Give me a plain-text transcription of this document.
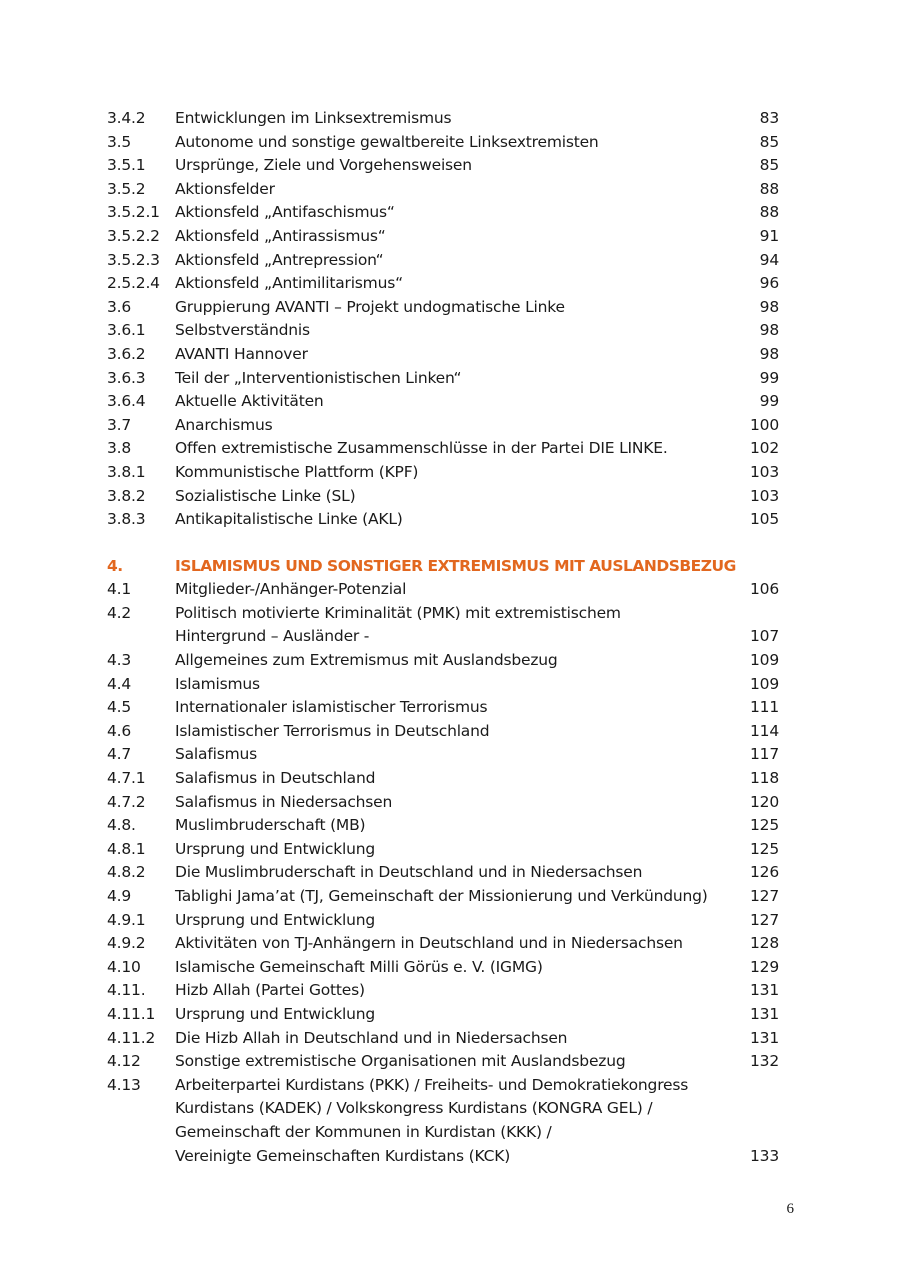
3.4.2	Entwicklungen im Linksextremismus	83
3.5	Autonome und sonstige gewaltbereite Linksextremisten	85
3.5.1	Ursprünge, Ziele und Vorgehensweisen	85
3.5.2	Aktionsfelder	88
3.5.2.1 Aktionsfeld „Antifaschismus“	88
3.5.2.2 Aktionsfeld „Antirassismus“	91
3.5.2.3 Aktionsfeld „Antrepression“	94
2.5.2.4 Aktionsfeld „Antimilitarismus“	96
3.6	Gruppierung AVANTI – Projekt undogmatische Linke	98
3.6.1	Selbstverständnis	98
3.6.2	AVANTI Hannover	98
3.6.3	Teil der „Interventionistischen Linken“	99
3.6.4	Aktuelle Aktivitäten	99
3.7	Anarchismus	100
3.8	Offen extremistische Zusammenschlüsse in der Partei DIE LINKE.	102
3.8.1	Kommunistische Plattform (KPF)	103
3.8.2	Sozialistische Linke (SL)	103
3.8.3	Antikapitalistische Linke (AKL)	105
4.	ISLAMISMUS UND SONSTIGER EXTREMISMUS MIT AUSLANDSBEZUG
4.1	Mitglieder-/Anhänger-Potenzial	106
4.2	Politisch motivierte Kriminalität (PMK) mit extremistischem
Hintergrund – Ausländer -	107
4.3	Allgemeines zum Extremismus mit Auslandsbezug	109
4.4	Islamismus	109
4.5	Internationaler islamistischer Terrorismus	111
4.6	Islamistischer Terrorismus in Deutschland	114
4.7	Salafismus	117
4.7.1	Salafismus in Deutschland	118
4.7.2	Salafismus in Niedersachsen	120
4.8.	Muslimbruderschaft (MB)	125
4.8.1	Ursprung und Entwicklung	125
4.8.2	Die Muslimbruderschaft in Deutschland und in Niedersachsen	126
4.9	Tablighi Jama’at (TJ, Gemeinschaft der Missionierung und Verkündung)	127
4.9.1	Ursprung und Entwicklung	127
4.9.2	Aktivitäten von TJ-Anhängern in Deutschland und in Niedersachsen	128
4.10	Islamische Gemeinschaft Milli Görüs e. V. (IGMG)	129
4.11.	Hizb Allah (Partei Gottes)	131
4.11.1	Ursprung und Entwicklung	131
4.11.2	Die Hizb Allah in Deutschland und in Niedersachsen	131
4.12	Sonstige extremistische Organisationen mit Auslandsbezug	132
4.13	Arbeiterpartei Kurdistans (PKK) / Freiheits- und Demokratiekongress
Kurdistans (KADEK) / Volkskongress Kurdistans (KONGRA GEL) /
Gemeinschaft der Kommunen in Kurdistan (KKK) /
Vereinigte Gemeinschaften Kurdistans (KCK)	133
6
